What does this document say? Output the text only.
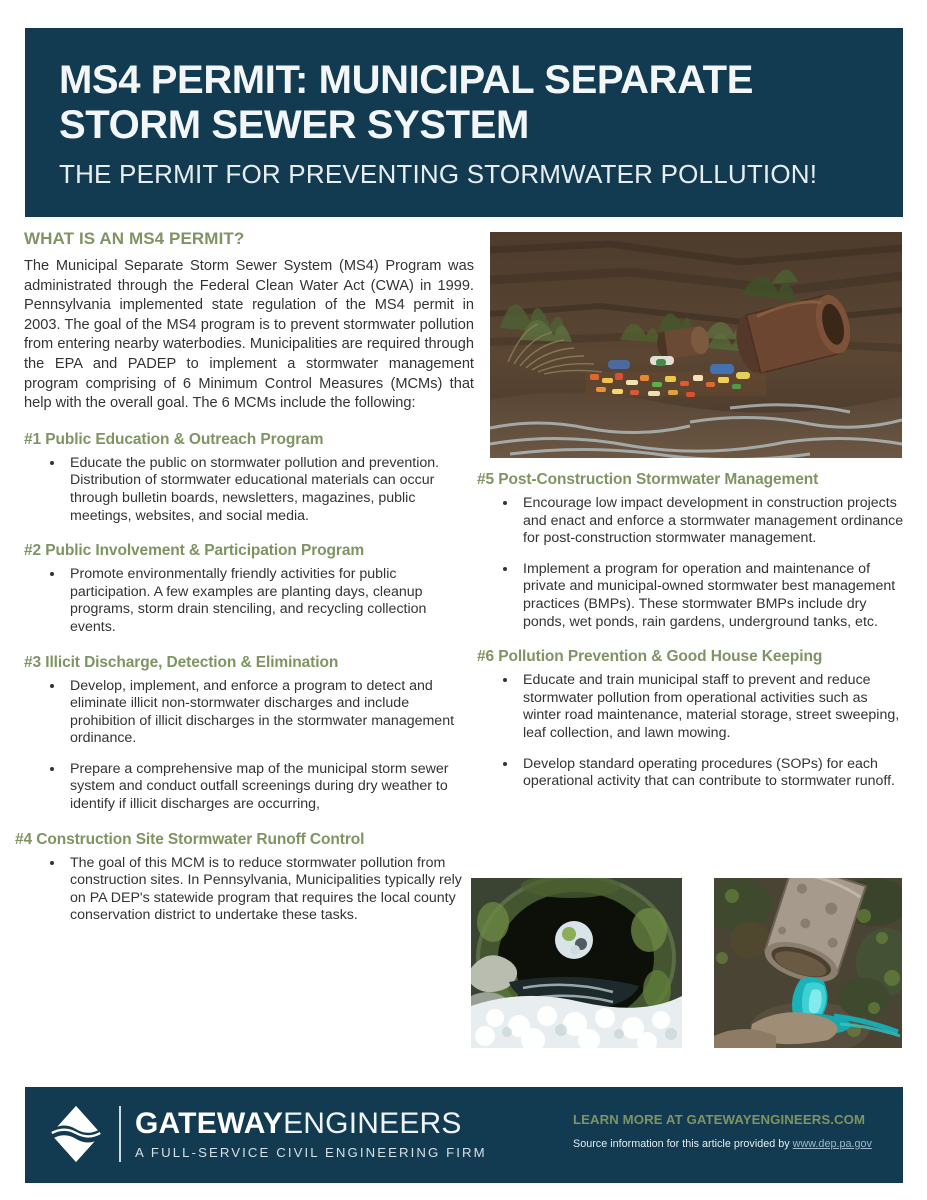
MS4 PERMIT: MUNICIPAL SEPARATE STORM SEWER SYSTEM
THE PERMIT FOR PREVENTING STORMWATER POLLUTION!
WHAT IS AN MS4 PERMIT?

The Municipal Separate Storm Sewer System (MS4) Program was administrated through the Federal Clean Water Act (CWA) in 1999. Pennsylvania implemented state regulation of the MS4 permit in 2003. The goal of the MS4 program is to prevent stormwater pollution from entering nearby waterbodies. Municipalities are required through the EPA and PADEP to implement a stormwater management program comprising of 6 Minimum Control Measures (MCMs) that help with the overall goal. The 6 MCMs include the following:

#1 Public Education & Outreach Program
Educate the public on stormwater pollution and prevention. Distribution of stormwater educational materials can occur through bulletin boards, newsletters, magazines, public meetings, websites, and social media.
#2 Public Involvement & Participation Program
Promote environmentally friendly activities for public participation. A few examples are planting days, cleanup programs, storm drain stenciling, and recycling collection events.
#3 Illicit Discharge, Detection & Elimination
Develop, implement, and enforce a program to detect and eliminate illicit non-stormwater discharges and include prohibition of illicit discharges in the stormwater management ordinance.
Prepare a comprehensive map of the municipal storm sewer system and conduct outfall screenings during dry weather to identify if illicit discharges are occurring,
#4 Construction Site Stormwater Runoff Control
The goal of this MCM is to reduce stormwater pollution from construction sites. In Pennsylvania, Municipalities typically rely on PA DEP's statewide program that requires the local county conservation district to undertake these tasks.
#5 Post-Construction Stormwater Management
Encourage low impact development in construction projects and enact and enforce a stormwater management ordinance for post-construction stormwater management.
Implement a program for operation and maintenance of private and municipal-owned stormwater best management practices (BMPs). These stormwater BMPs include dry ponds, wet ponds, rain gardens, underground tanks, etc.
#6 Pollution Prevention & Good House Keeping
Educate and train municipal staff to prevent and reduce stormwater pollution from operational activities such as winter road maintenance, material storage, street sweeping, leaf collection, and lawn mowing.
Develop standard operating procedures (SOPs) for each operational activity that can contribute to stormwater runoff.
GATEWAYENGINEERS
A FULL-SERVICE CIVIL ENGINEERING FIRM
LEARN MORE AT GATEWAYENGINEERS.COM
Source information for this article provided by www.dep.pa.gov
